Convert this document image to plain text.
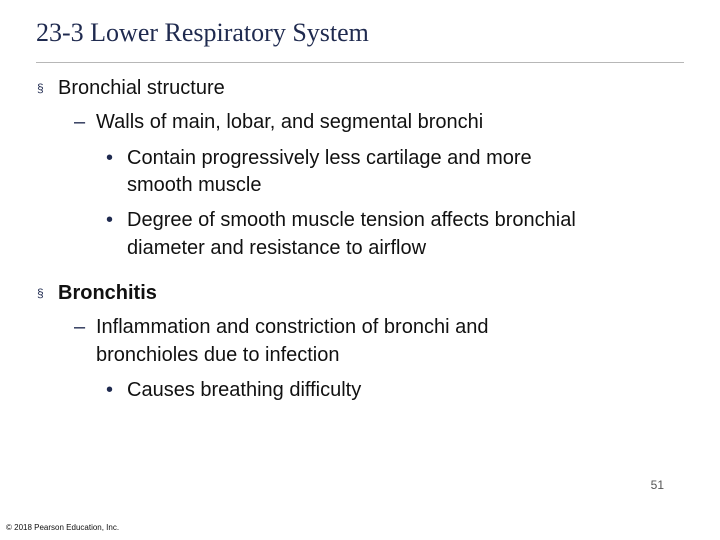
23-3 Lower Respiratory System
§ Bronchial structure
– Walls of main, lobar, and segmental bronchi
• Contain progressively less cartilage and more
smooth muscle
• Degree of smooth muscle tension affects bronchial
diameter and resistance to airflow
§ Bronchitis
– Inflammation and constriction of bronchi and
bronchioles due to infection
• Causes breathing difficulty
51
© 2018 Pearson Education, Inc.
